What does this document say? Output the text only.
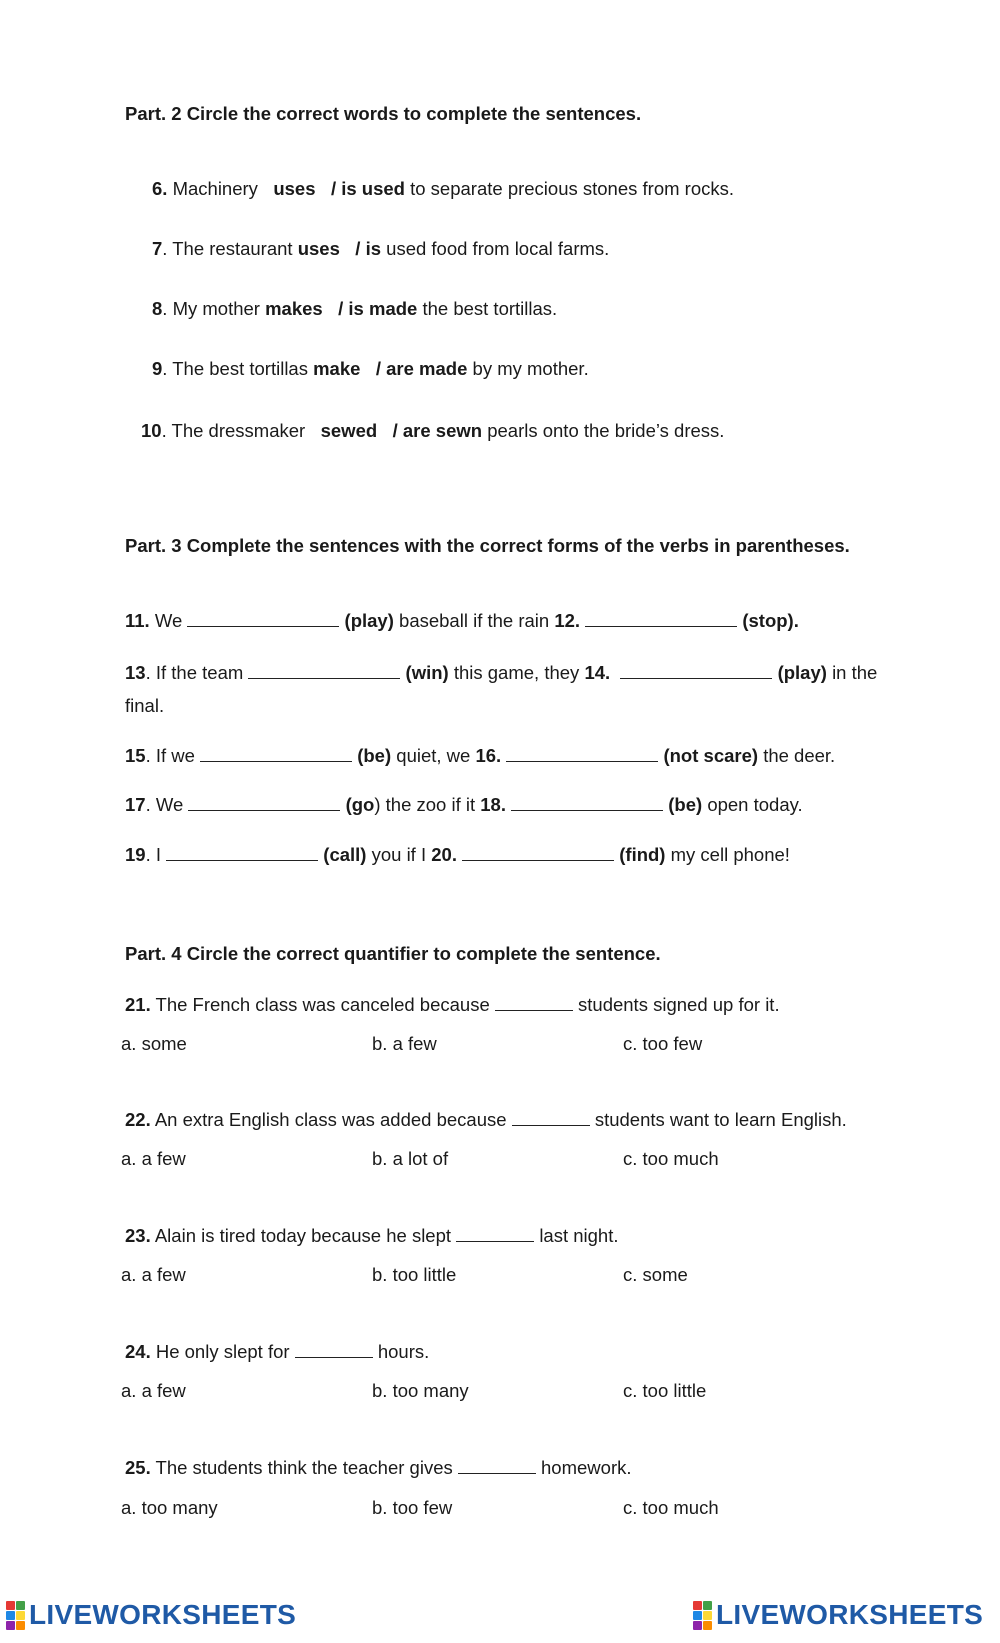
Part. 2 Circle the correct words to complete the sentences.
6. Machinery uses / is used to separate precious stones from rocks.
7. The restaurant uses / is used food from local farms.
8. My mother makes / is made the best tortillas.
9. The best tortillas make / are made by my mother.
10. The dressmaker sewed / are sewn pearls onto the bride’s dress.
Part. 3 Complete the sentences with the correct forms of the verbs in parentheses.
11. We	(play) baseball if the rain 12.	(stop).
13. If the team	(win) this game, they 14.	(play) in the
final.
15. If we	(be) quiet, we 16.	(not scare) the deer.
17. We	(go) the zoo if it 18.	(be) open today.
19. I	(call) you if I 20.	(find) my cell phone!
Part. 4 Circle the correct quantifier to complete the sentence.
21. The French class was canceled because	students signed up for it.
a. some	b. a few	c. too few
22. An extra English class was added because	students want to learn English.
a. a few	b. a lot of	c. too much
23. Alain is tired today because he slept	last night.
a. a few	b. too little	c. some
24. He only slept for	hours.
a. a few	b. too many	c. too little
25. The students think the teacher gives	homework.
a. too many	b. too few	c. too much
LIVEWORKSHEETS	LIVEWORKSHEETS
